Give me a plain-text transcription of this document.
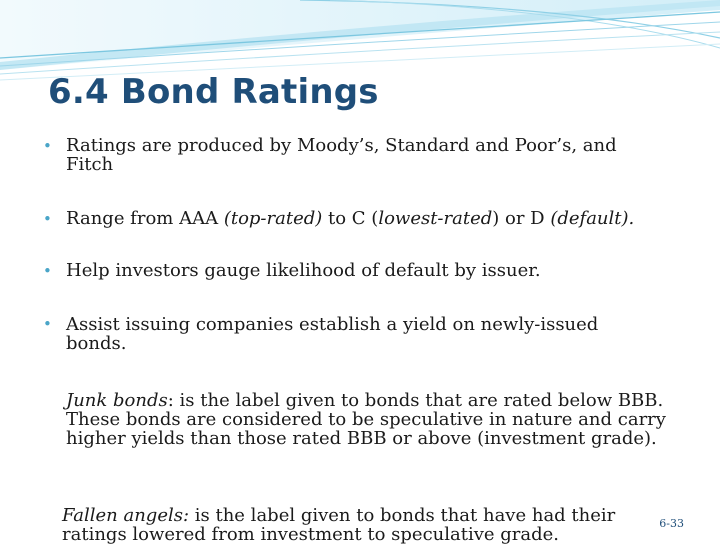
6.4 Bond Ratings
• Ratings are produced by Moody’s, Standard and Poor’s, and Fitch
• Range from AAA (top-rated) to C (lowest-rated) or D (default).
• Help investors gauge likelihood of default by issuer.
• Assist issuing companies establish a yield on newly-issued bonds.
Junk bonds: is the label given to bonds that are rated below BBB. These bonds are considered to be speculative in nature and carry higher yields than those rated BBB or above (investment grade).
Fallen angels: is the label given to bonds that have had their ratings lowered from investment to speculative grade.
6-33
